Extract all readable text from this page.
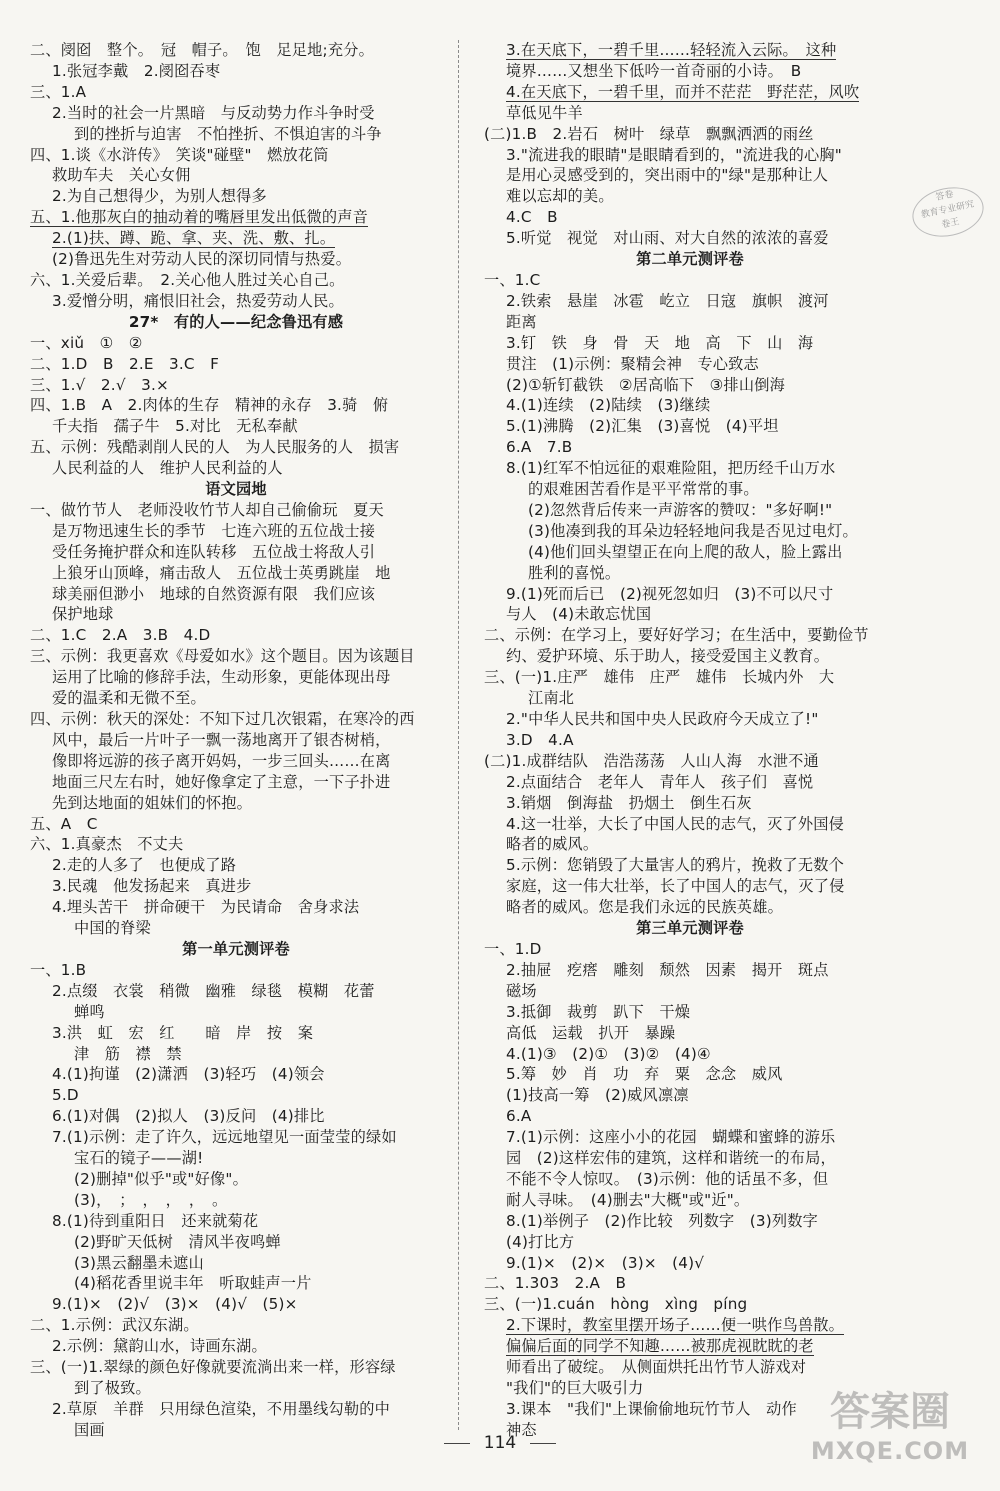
二、阌囵　整个。　冠　帽子。　饱　足足地;充分。
1.张冠李戴　2.阌囵吞枣
三、1.A
2.当时的社会一片黑暗　与反动势力作斗争时受
到的挫折与迫害　不怕挫折、不惧迫害的斗争
四、1.谈《水浒传》　笑谈"碰壁"　燃放花筒
救助车夫　关心女佣
2.为自己想得少，为别人想得多
五、1.他那灰白的抽动着的嘴唇里发出低微的声音
2.(1)扶、蹲、跪、拿、夹、洗、敷、扎。
(2)鲁迅先生对劳动人民的深切同情与热爱。
六、1.关爱后辈。　2.关心他人胜过关心自己。
3.爱憎分明，痛恨旧社会，热爱劳动人民。
27*　有的人——纪念鲁迅有感
一、xiǔ　①　②
二、1.D　B　2.E　3.C　F
三、1.√　2.√　3.×
四、1.B　A　2.肉体的生存　精神的永存　3.骑　俯
千夫指　孺子牛　5.对比　无私奉献
五、示例：残酷剥削人民的人　为人民服务的人　损害
人民利益的人　维护人民利益的人
语文园地
一、做竹节人　老师没收竹节人却自己偷偷玩　夏天
是万物迅速生长的季节　七连六班的五位战士接
受任务掩护群众和连队转移　五位战士将敌人引
上狼牙山顶峰，痛击敌人　五位战士英勇跳崖　地
球美丽但渺小　地球的自然资源有限　我们应该
保护地球
二、1.C　2.A　3.B　4.D
三、示例：我更喜欢《母爱如水》这个题目。因为该题目
运用了比喻的修辞手法，生动形象，更能体现出母
爱的温柔和无微不至。
四、示例：秋天的深处：不知下过几次银霜，在寒冷的西
风中，最后一片叶子一飘一荡地离开了银杏树梢，
像即将远游的孩子离开妈妈，一步三回头……在离
地面三尺左右时，她好像拿定了主意，一下子扑进
先到达地面的姐妹们的怀抱。
五、A　C
六、1.真豪杰　不丈夫
2.走的人多了　也便成了路
3.民魂　他发扬起来　真进步
4.埋头苦干　拼命硬干　为民请命　舍身求法
中国的脊梁
第一单元测评卷
一、1.B
2.点缀　衣裳　稍微　幽雅　绿毯　模糊　花蕾
蝉鸣
3.洪　虹　宏　红　　暗　岸　按　案
津　筋　襟　禁
4.(1)拘谨　(2)潇洒　(3)轻巧　(4)领会
5.D
6.(1)对偶　(2)拟人　(3)反问　(4)排比
7.(1)示例：走了许久，远远地望见一面莹莹的绿如
宝石的镜子——湖!
(2)删掉"似乎"或"好像"。
(3)，　；　，　，　，　。
8.(1)待到重阳日　还来就菊花
(2)野旷天低树　清风半夜鸣蝉
(3)黑云翻墨未遮山
(4)稻花香里说丰年　听取蛙声一片
9.(1)×　(2)√　(3)×　(4)√　(5)×
二、1.示例：武汉东湖。
2.示例：黛韵山水，诗画东湖。
三、(一)1.翠绿的颜色好像就要流淌出来一样，形容绿
到了极致。
2.草原　羊群　只用绿色渲染，不用墨线勾勒的中
国画
3.在天底下，一碧千里……轻轻流入云际。　这种
境界……又想坐下低吟一首奇丽的小诗。　B
4.在天底下，一碧千里，而并不茫茫　野茫茫，风吹
草低见牛羊
(二)1.B　2.岩石　树叶　绿草　飘飘洒洒的雨丝
3."流进我的眼睛"是眼睛看到的，"流进我的心胸"
是用心灵感受到的，突出雨中的"绿"是那种让人
难以忘却的美。
4.C　B
5.听觉　视觉　对山雨、对大自然的浓浓的喜爱
第二单元测评卷
一、1.C
2.铁索　悬崖　冰雹　屹立　日寇　旗帜　渡河
距离
3.钉　铁　身　骨　天　地　高　下　山　海
贯注　(1)示例：聚精会神　专心致志
(2)①斩钉截铁　②居高临下　③排山倒海
4.(1)连续　(2)陆续　(3)继续
5.(1)沸腾　(2)汇集　(3)喜悦　(4)平坦
6.A　7.B
8.(1)红军不怕远征的艰难险阻，把历经千山万水
的艰难困苦看作是平平常常的事。
(2)忽然背后传来一声游客的赞叹："多好啊!"
(3)他凑到我的耳朵边轻轻地问我是否见过电灯。
(4)他们回头望望正在向上爬的敌人，脸上露出
胜利的喜悦。
9.(1)死而后已　(2)视死忽如归　(3)不可以尺寸
与人　(4)未敢忘忧国
二、示例：在学习上，要好好学习；在生活中，要勤俭节
约、爱护环境、乐于助人，接受爱国主义教育。
三、(一)1.庄严　雄伟　庄严　雄伟　长城内外　大
江南北
2."中华人民共和国中央人民政府今天成立了!"
3.D　4.A
(二)1.成群结队　浩浩荡荡　人山人海　水泄不通
2.点面结合　老年人　青年人　孩子们　喜悦
3.销烟　倒海盐　扔烟土　倒生石灰
4.这一壮举，大长了中国人民的志气，灭了外国侵
略者的威风。
5.示例：您销毁了大量害人的鸦片，挽救了无数个
家庭，这一伟大壮举，长了中国人的志气，灭了侵
略者的威风。您是我们永远的民族英雄。
第三单元测评卷
一、1.D
2.抽屉　疙瘩　雕刻　颓然　因素　揭开　斑点
磁场
3.抵御　裁剪　趴下　干燥
高低　运载　扒开　暴躁
4.(1)③　(2)①　(3)②　(4)④
5.筹　妙　肖　功　弃　粟　念念　威风
(1)技高一筹　(2)威风凛凛
6.A
7.(1)示例：这座小小的花园　蝴蝶和蜜蜂的游乐
园　(2)这样宏伟的建筑，这样和谐统一的布局，
不能不令人惊叹。　(3)示例：他的话虽不多，但
耐人寻味。　(4)删去"大概"或"近"。
8.(1)举例子　(2)作比较　列数字　(3)列数字
(4)打比方
9.(1)×　(2)×　(3)×　(4)√
二、1.303　2.A　B
三、(一)1.cuán　hòng　xìng　píng
2.下课时，教室里摆开场子……便一哄作鸟兽散。
偏偏后面的同学不知趣……被那虎视眈眈的老
师看出了破绽。　从侧面烘托出竹节人游戏对
"我们"的巨大吸引力
3.课本　"我们"上课偷偷地玩竹节人　动作
神态
答卷
教育专业研究
卷王
114
答案圈
MXQE.COM
